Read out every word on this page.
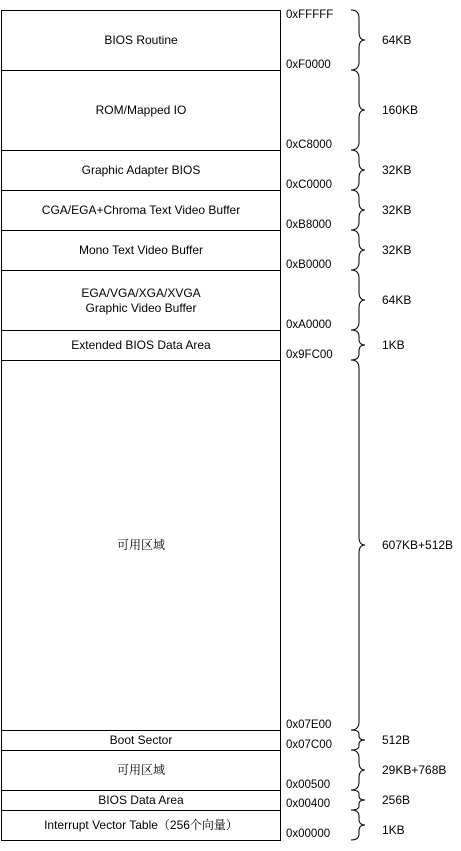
BIOS Routine
ROM/Mapped IO
Graphic Adapter BIOS
CGA/EGA+Chroma Text Video Buffer
Mono Text Video Buffer
EGA/VGA/XGA/XVGA
Graphic Video Buffer
Extended BIOS Data Area
可用区域
Boot Sector
可用区域
BIOS Data Area
Interrupt Vector Table（256个向量）
0xFFFFF
0xF0000
0xC8000
0xC0000
0xB8000
0xB0000
0xA0000
0x9FC00
0x07E00
0x07C00
0x00500
0x00400
0x00000
64KB
160KB
32KB
32KB
32KB
64KB
1KB
607KB+512B
512B
29KB+768B
256B
1KB
